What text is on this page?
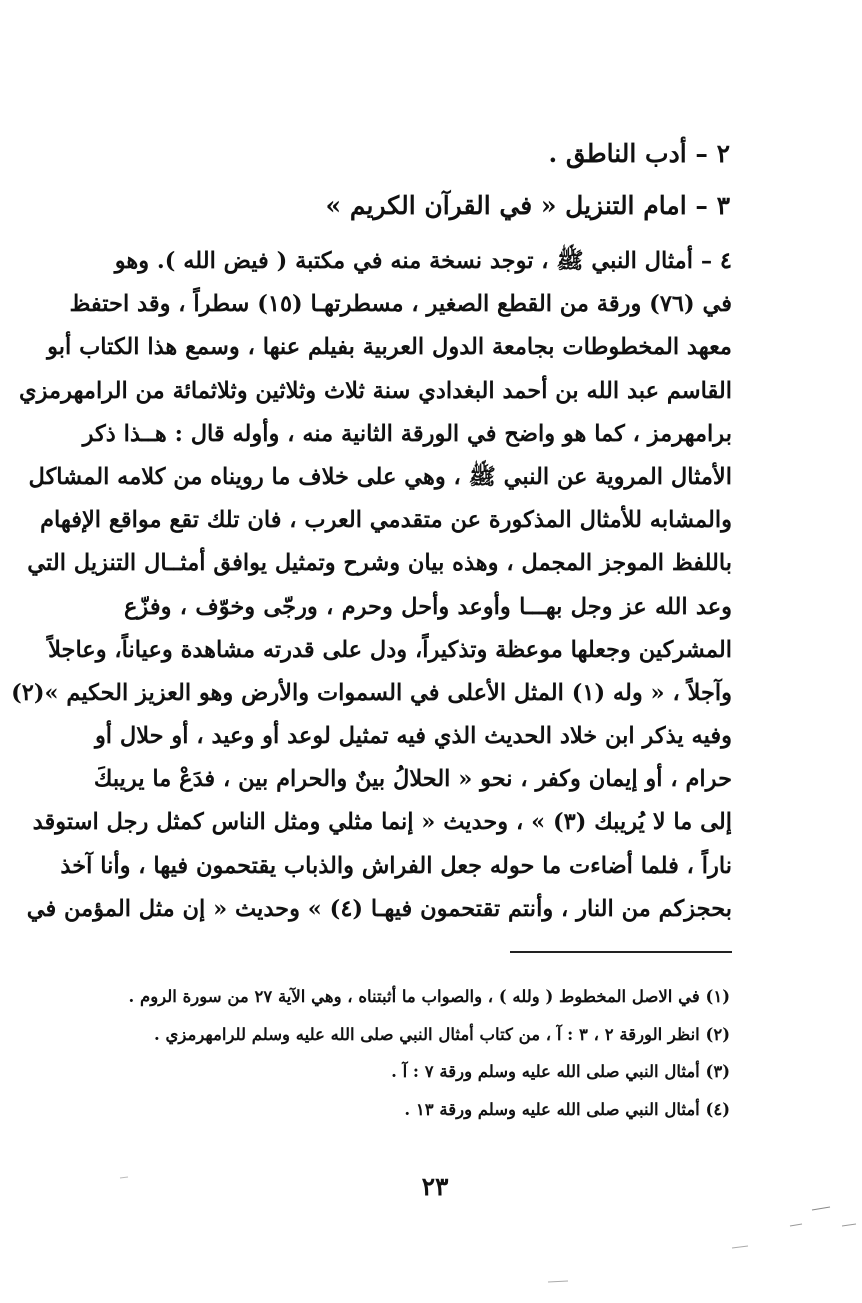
٢ – أدب الناطق .
٣ – امام التنزيل « في القرآن الكريم »
٤ – أمثال النبي ﷺ ، توجد نسخة منه في مكتبة ( فيض الله ). وهو
في (٧٦) ورقة من القطع الصغير ، مسطرتهـا (١٥) سطراً ، وقد احتفظ
معهد المخطوطات بجامعة الدول العربية بفيلم عنها ، وسمع هذا الكتاب أبو
القاسم عبد الله بن أحمد البغدادي سنة ثلاث وثلاثين وثلاثمائة من الرامهرمزي
برامهرمز ، كما هو واضح في الورقة الثانية منه ، وأوله قال : هــذا ذكر
الأمثال المروية عن النبي ﷺ ، وهي على خلاف ما رويناه من كلامه المشاكل
والمشابه للأمثال المذكورة عن متقدمي العرب ، فان تلك تقع مواقع الإفهام
باللفظ الموجز المجمل ، وهذه بيان وشرح وتمثيل يوافق أمثــال التنزيل التي
وعد الله عز وجل بهـــا وأوعد وأحل وحرم ، ورجّى وخوّف ، وفزّع
المشركين وجعلها موعظة وتذكيراً، ودل على قدرته مشاهدة وعياناً، وعاجلاً
وآجلاً ، « وله (١) المثل الأعلى في السموات والأرض وهو العزيز الحكيم »(٢)
وفيه يذكر ابن خلاد الحديث الذي فيه تمثيل لوعد أو وعيد ، أو حلال أو
حرام ، أو إيمان وكفر ، نحو « الحلالُ بينٌ والحرام بين ، فدَعْ ما يريبكَ
إلى ما لا يُريبك (٣) » ، وحديث « إنما مثلي ومثل الناس كمثل رجل استوقد
ناراً ، فلما أضاءت ما حوله جعل الفراش والذباب يقتحمون فيها ، وأنا آخذ
بحجزكم من النار ، وأنتم تقتحمون فيهـا (٤) » وحديث « إن مثل المؤمن في
(١) في الاصل المخطوط ( ولله ) ، والصواب ما أثبتناه ، وهي الآية ٢٧ من سورة الروم .
(٢) انظر الورقة ٢ ، ٣ : آ ، من كتاب أمثال النبي صلى الله عليه وسلم للرامهرمزي .
(٣) أمثال النبي صلى الله عليه وسلم ورقة ٧ : آ .
(٤) أمثال النبي صلى الله عليه وسلم ورقة ١٣ .
٢٣
